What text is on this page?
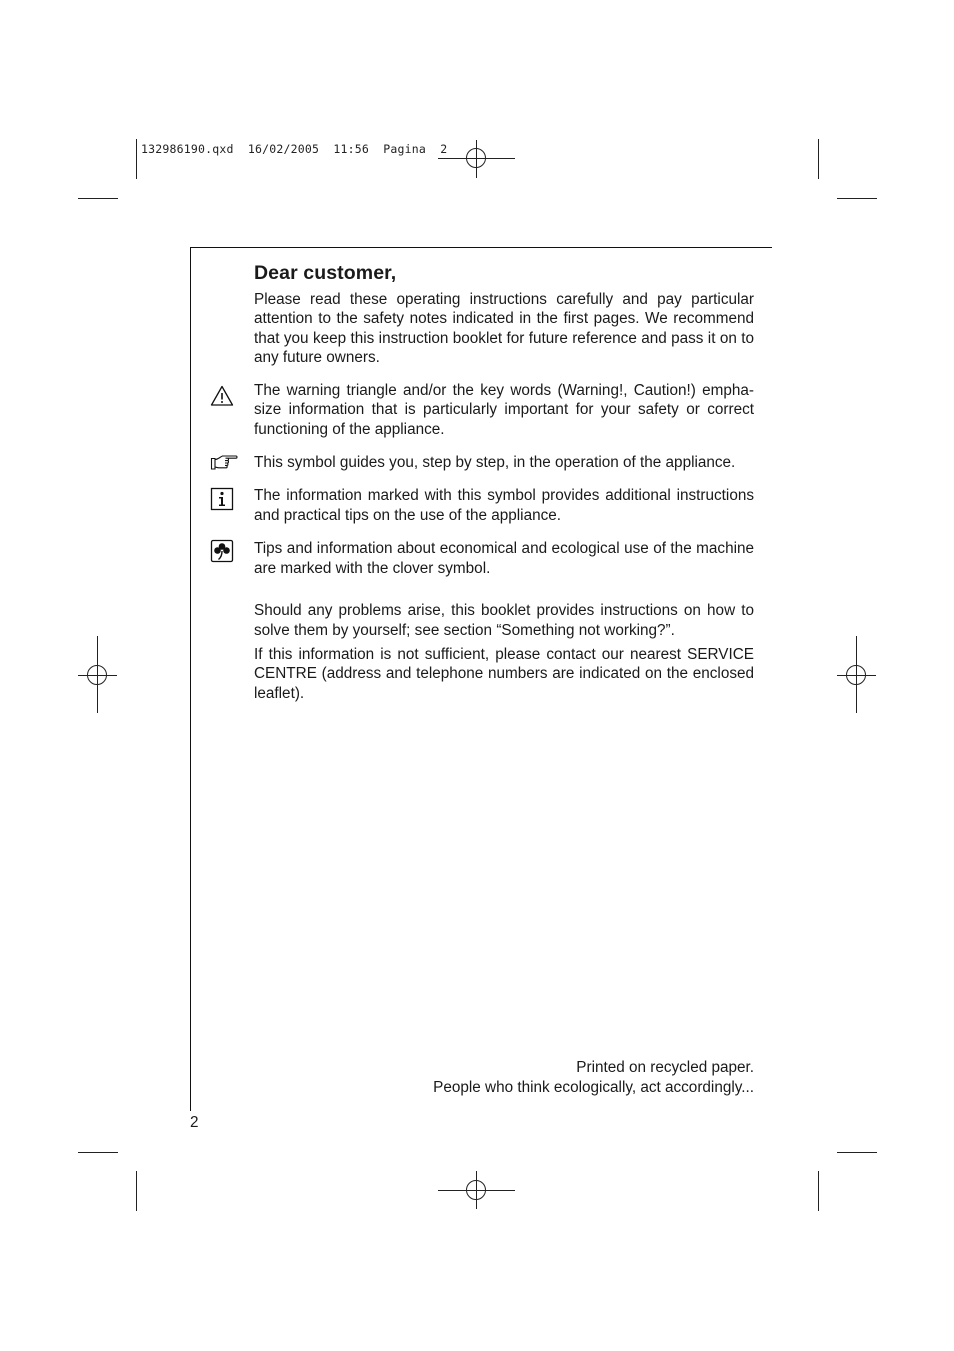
132986190.qxd  16/02/2005  11:56  Pagina  2
Dear customer,

Please read these operating instructions carefully and pay particular attention to the safety notes indicated in the first pages. We recommend that you keep this instruction booklet for future reference and pass it on to any future owners.

The warning triangle and/or the key words (Warning!, Caution!) emphasize information that is particularly important for your safety or correct functioning of the appliance.

This symbol guides you, step by step, in the operation of the appliance.

The information marked with this symbol provides additional instructions and practical tips on the use of the appliance.

Tips and information about economical and ecological use of the machine are marked with the clover symbol.

Should any problems arise, this booklet provides instructions on how to solve them by yourself; see section “Something not working?”.

If this information is not sufficient, please contact our nearest SERVICE CENTRE (address and telephone numbers are indicated on the enclosed leaflet).

Printed on recycled paper.
People who think ecologically, act accordingly...
2
